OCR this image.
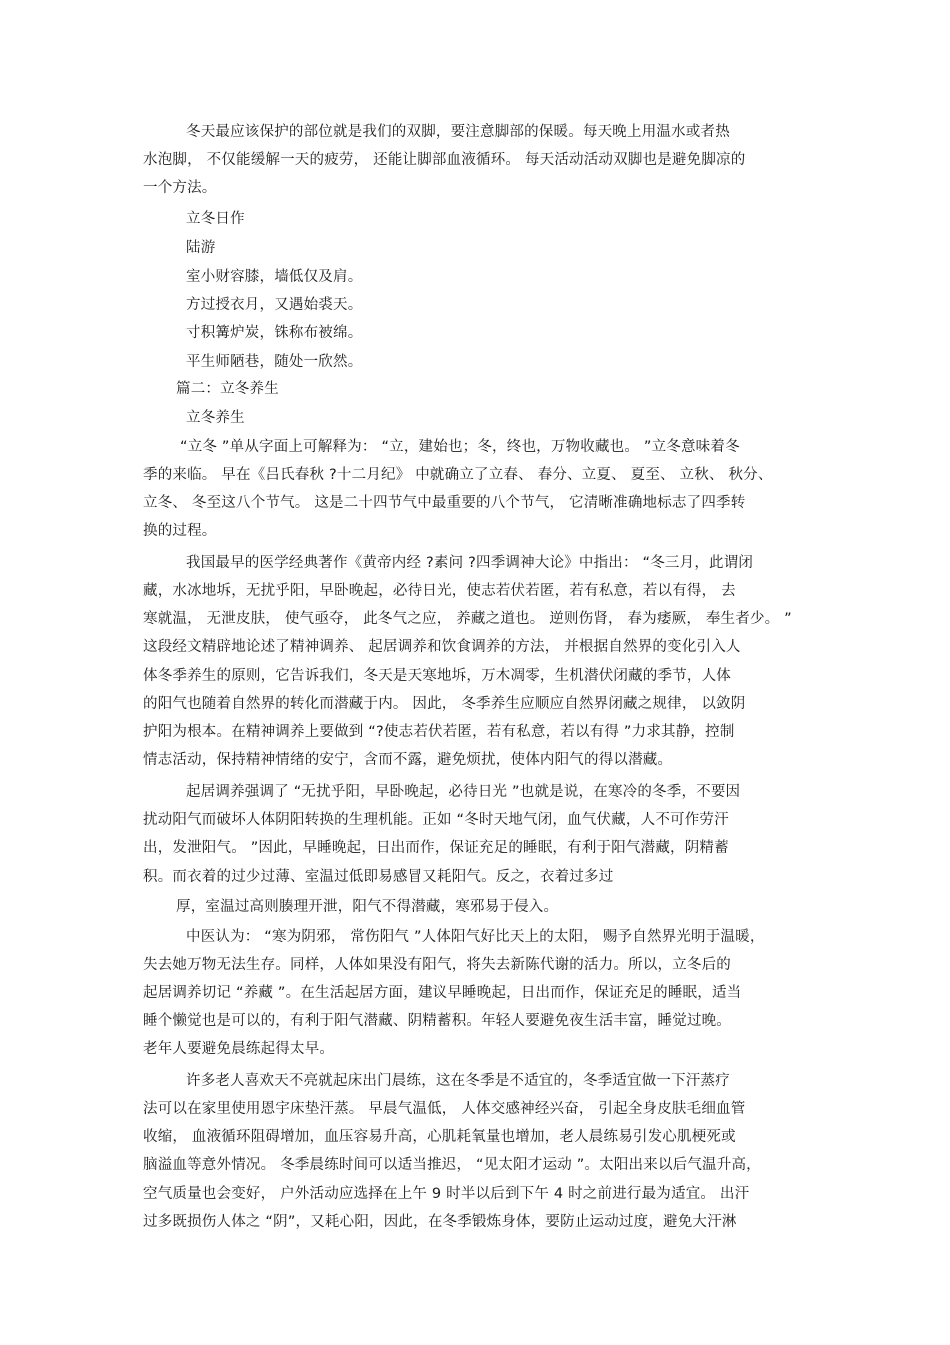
冬天最应该保护的部位就是我们的双脚，要注意脚部的保暖。每天晚上用温水或者热
水泡脚， 不仅能缓解一天的疲劳， 还能让脚部血液循环。 每天活动活动双脚也是避免脚凉的
一个方法。
立冬日作
陆游
室小财容膝，墙低仅及肩。
方过授衣月，又遇始裘天。
寸积篝炉炭，铢称布被绵。
平生师陋巷，随处一欣然。
篇二：立冬养生
立冬养生
“立冬 ”单从字面上可解释为： “立，建始也；冬，终也，万物收藏也。 ”立冬意味着冬
季的来临。 早在《吕氏春秋 ?十二月纪》 中就确立了立春、 春分、立夏、 夏至、 立秋、 秋分、
立冬、 冬至这八个节气。 这是二十四节气中最重要的八个节气， 它清晰准确地标志了四季转
换的过程。
我国最早的医学经典著作《黄帝内经 ?素问 ?四季调神大论》中指出： “冬三月，此谓闭
藏，水冰地坼，无扰乎阳，早卧晚起，必待日光，使志若伏若匿，若有私意，若以有得， 去
寒就温， 无泄皮肤， 使气亟夺， 此冬气之应， 养藏之道也。 逆则伤肾， 春为痿厥， 奉生者少。 ”
这段经文精辟地论述了精神调养、 起居调养和饮食调养的方法， 并根据自然界的变化引入人
体冬季养生的原则，它告诉我们，冬天是天寒地坼，万木凋零，生机潜伏闭藏的季节，人体
的阳气也随着自然界的转化而潜藏于内。 因此， 冬季养生应顺应自然界闭藏之规律， 以敛阴
护阳为根本。在精神调养上要做到 “?使志若伏若匿，若有私意，若以有得 ”力求其静，控制
情志活动，保持精神情绪的安宁，含而不露，避免烦扰，使体内阳气的得以潜藏。
起居调养强调了 “无扰乎阳，早卧晚起，必待日光 ”也就是说，在寒冷的冬季，不要因
扰动阳气而破坏人体阴阳转换的生理机能。正如 “冬时天地气闭，血气伏藏，人不可作劳汗
出，发泄阳气。 ”因此，早睡晚起，日出而作，保证充足的睡眠，有利于阳气潜藏，阴精蓄
积。而衣着的过少过薄、室温过低即易感冒又耗阳气。反之，衣着过多过
厚，室温过高则腠理开泄，阳气不得潜藏，寒邪易于侵入。
中医认为： “寒为阴邪， 常伤阳气 ”人体阳气好比天上的太阳， 赐予自然界光明于温暖，
失去她万物无法生存。同样，人体如果没有阳气，将失去新陈代谢的活力。所以，立冬后的
起居调养切记 “养藏 ”。在生活起居方面，建议早睡晚起，日出而作，保证充足的睡眠，适当
睡个懒觉也是可以的，有利于阳气潜藏、阴精蓄积。年轻人要避免夜生活丰富，睡觉过晚。
老年人要避免晨练起得太早。
许多老人喜欢天不亮就起床出门晨练，这在冬季是不适宜的，冬季适宜做一下汗蒸疗
法可以在家里使用恩宇床垫汗蒸。 早晨气温低， 人体交感神经兴奋， 引起全身皮肤毛细血管
收缩， 血液循环阻碍增加，血压容易升高，心肌耗氧量也增加，老人晨练易引发心肌梗死或
脑溢血等意外情况。 冬季晨练时间可以适当推迟， “见太阳才运动 ”。太阳出来以后气温升高，
空气质量也会变好， 户外活动应选择在上午 9 时半以后到下午 4 时之前进行最为适宜。 出汗
过多既损伤人体之 “阴”，又耗心阳，因此，在冬季锻炼身体，要防止运动过度，避免大汗淋
